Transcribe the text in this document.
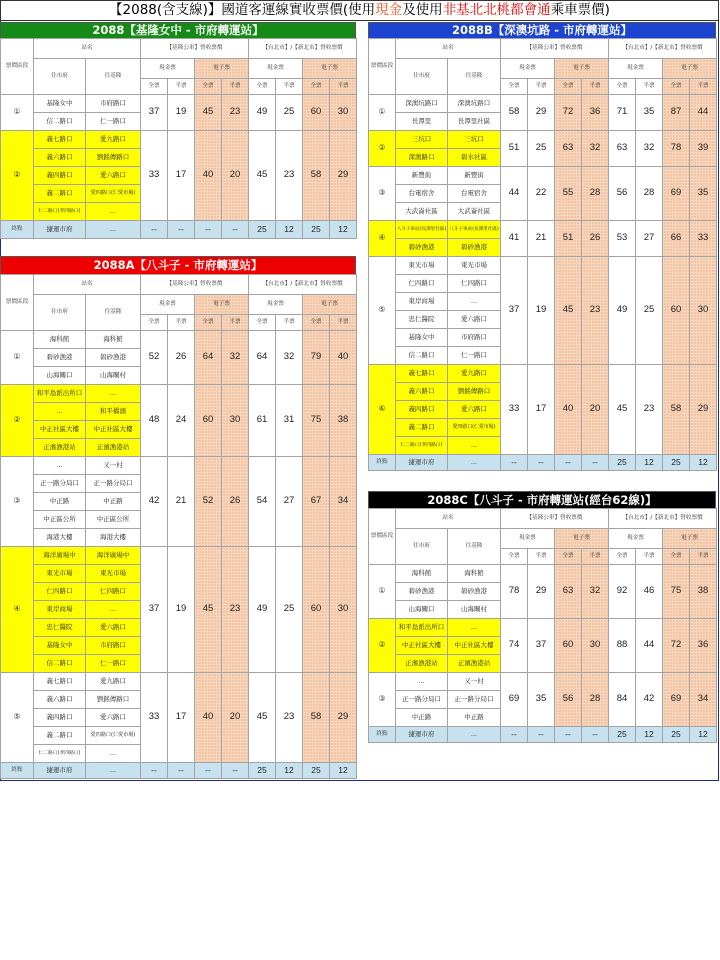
【2088(含支線)】國道客運線實收票價(使用現金及使用非基北北桃都會通乘車票價)
2088【基隆女中 - 市府轉運站】
票價區段	站名		【基隆公車】營收票價				【台北市】/【新北市】營收票價			
	往市府	往基隆	現金票		電子票		現金票		電子票	
			全票	半票	全票	半票	全票	半票	全票	半票
①	基隆女中	市府路口	37	19	45	23	49	25	60	30
	信二路口	仁一路口								
②	義七路口	愛九路口	33	17	40	20	45	23	58	29
	義六路口	劉銘傳路口								
	義四路口	愛六路口								
	義二路口	愛四路口(仁愛市場)								
	仁二路口(孝四路口)	...								
終點	捷運市府	...	--	--	--	--	25	12	25	12
2088A【八斗子 - 市府轉運站】
票價區段	站名		【基隆公車】營收票價				【台北市】/【新北市】營收票價			
	往市府	往基隆	現金票		電子票		現金票		電子票	
			全票	半票	全票	半票	全票	半票	全票	半票
①	海科館	海科館	52	26	64	32	64	32	79	40
	碧砂漁港	碧砂漁港								
	山海關口	山海關村								
②	和平島派出所口	...	48	24	60	30	61	31	75	38
	...	和平橋頭								
	中正社區大樓	中正社區大樓								
	正濱漁港站	正濱漁港站								
③	...	又一村	42	21	52	26	54	27	67	34
	正一路分局口	正一路分局口								
	中正路	中正路								
	中正區公所	中正區公所								
	海港大樓	海港大樓								
④	海洋廣場中	海洋廣場中	37	19	45	23	49	25	60	30
	東光市場	東光市場								
	仁四路口	仁四路口								
	東岸商場	...								
	忠仁醫院	愛六路口								
	基隆女中	市府路口								
	信二路口	仁一路口								
⑤	義七路口	愛九路口	33	17	40	20	45	23	58	29
	義六路口	劉銘傳路口								
	義四路口	愛六路口								
	義二路口	愛四路口(仁愛市場)								
	仁二路口(孝四路口)	...								
終點	捷運市府	...	--	--	--	--	25	12	25	12
2088B【深澳坑路 - 市府轉運站】
票價區段	站名		【基隆公車】營收票價				【台北市】/【新北市】營收票價			
	往市府	往基隆	現金票		電子票		現金票		電子票	
			全票	半票	全票	半票	全票	半票	全票	半票
①	深澳坑路口	深澳坑路口	58	29	72	36	71	35	87	44
	長潭里	長潭里社區								
②	三坑口	三坑口	51	25	63	32	63	32	78	39
	深澳路口	碧水社區								
③	新豐街	新豐街	44	22	55	28	56	28	69	35
	台電宿舍	台電宿舍								
	大武崙社區	大武崙社區								
④	八斗子車站(長潭里社區)	八斗子車站(長潭里社區)	41	21	51	26	53	27	66	33
	碧砂漁港	碧砂漁港								
⑤	東光市場	東光市場	37	19	45	23	49	25	60	30
	仁四路口	仁四路口								
	東岸商場	...								
	忠仁醫院	愛六路口								
	基隆女中	市府路口								
	信二路口	仁一路口								
⑥	義七路口	愛九路口	33	17	40	20	45	23	58	29
	義六路口	劉銘傳路口								
	義四路口	愛六路口								
	義二路口	愛四路口(仁愛市場)								
	仁二路口(孝四路口)	...								
終點	捷運市府	...	--	--	--	--	25	12	25	12
2088C【八斗子 - 市府轉運站(經台62線)】
票價區段	站名		【基隆公車】營收票價				【台北市】/【新北市】營收票價			
	往市府	往基隆	現金票		電子票		現金票		電子票	
			全票	半票	全票	半票	全票	半票	全票	半票
①	海科館	海科館	78	29	63	32	92	46	75	38
	碧砂漁港	碧砂漁港								
	山海關口	山海關村								
②	和平島派出所口	...	74	37	60	30	88	44	72	36
	中正社區大樓	中正社區大樓								
	正濱漁港站	正濱漁港站								
③	...	又一村	69	35	56	28	84	42	69	34
	正一路分局口	正一路分局口								
	中正路	中正路								
終點	捷運市府	...	--	--	--	--	25	12	25	12
